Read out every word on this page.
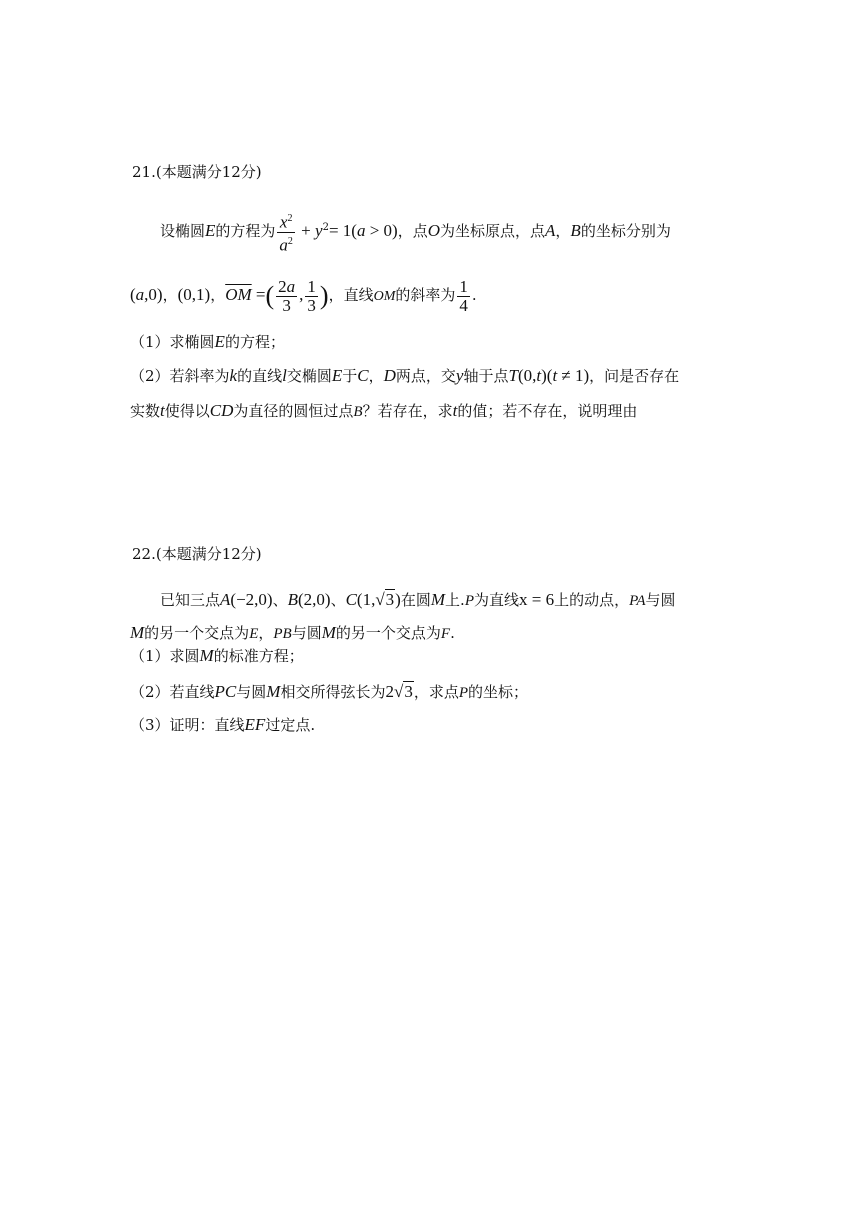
21.(本题满分12分)
设椭圆E的方程为 $\frac{x^2}{a^2} + y^2= 1(a > 0)$，点O为坐标原点，点A，B的坐标分别为
(a,0)，(0,1)，$\overline{OM}$ =( $\frac{2a}{3}$ , $\frac{1}{3}$ )，直线OM的斜率为 $\frac{1}{4}$ .
（1）求椭圆E的方程；
（2）若斜率为k的直线l交椭圆E于C，D两点，交y轴于点T(0,t)(t ≠ 1)，问是否存在
实数t使得以CD为直径的圆恒过点B？若存在，求t的值；若不存在，说明理由
22.(本题满分12分)
已知三点A(−2,0)、B(2,0)、C(1,√3)在圆M上.P为直线x = 6上的动点，PA与圆
M的另一个交点为E，PB与圆M的另一个交点为F.
（1）求圆M的标准方程；
（2）若直线PC与圆M相交所得弦长为2√3，求点P的坐标；
（3）证明：直线EF过定点.
